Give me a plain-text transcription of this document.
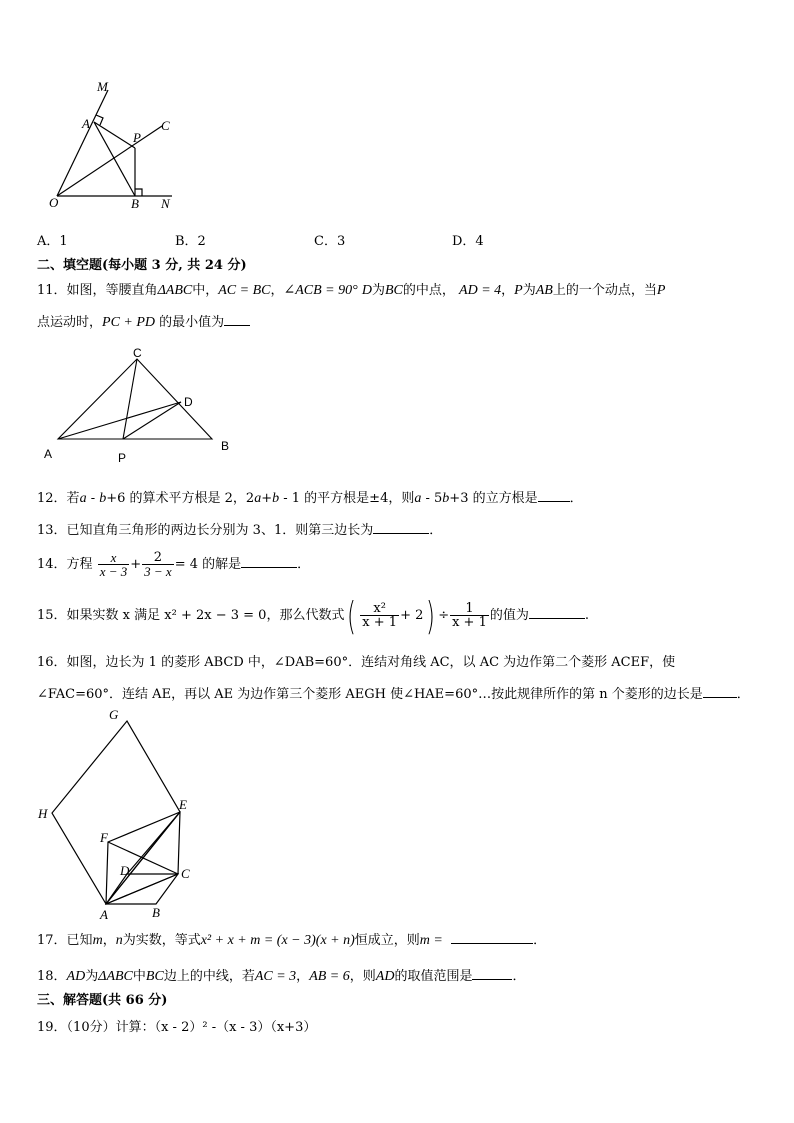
M
A
P
C
O	B N
A．1	B．2	C．3	D．4
二、填空题(每小题 3 分, 共 24 分)
11．如图，等腰直角ΔABC中，AC = BC，∠ACB = 90° D为BC的中点， AD = 4，P为AB上的一个动点，当P
点运动时，PC + PD 的最小值为
C
D
A	P
B
12．若a - b+6 的算术平方根是 2，2a+b - 1 的平方根是±4，则a - 5b+3 的立方根是 ．
13．已知直角三角形的两边长分别为 3、1．则第三边长为	．
14．方程 $\frac{x}{x - 3} + \frac{2}{3 - x} = 4$ 的解是	．
15．如果实数 x 满足 x² + 2x − 3 = 0，那么代数式( $\frac{\text{x²}}{x + 1} + 2) \div \frac{1}{x + 1}$ 的值为	.
16．如图，边长为 1 的菱形 ABCD 中，∠DAB=60°．连结对角线 AC，以 AC 为边作第二个菱形 ACEF，使
∠FAC=60°．连结 AE，再以 AE 为边作第三个菱形 AEGH 使∠HAE=60°…按此规律所作的第 n 个菱形的边长是	．
G
H
E
F
D	C
A	B
17．已知m，n为实数，等式x² + x + m = (x − 3)(x + n)恒成立，则m =	．
18．AD为ΔABC中BC边上的中线，若AC = 3，AB = 6，则AD的取值范围是	．
三、解答题(共 66 分)
19．（10分）计算：（x - 2）² -（x - 3）（x+3）
